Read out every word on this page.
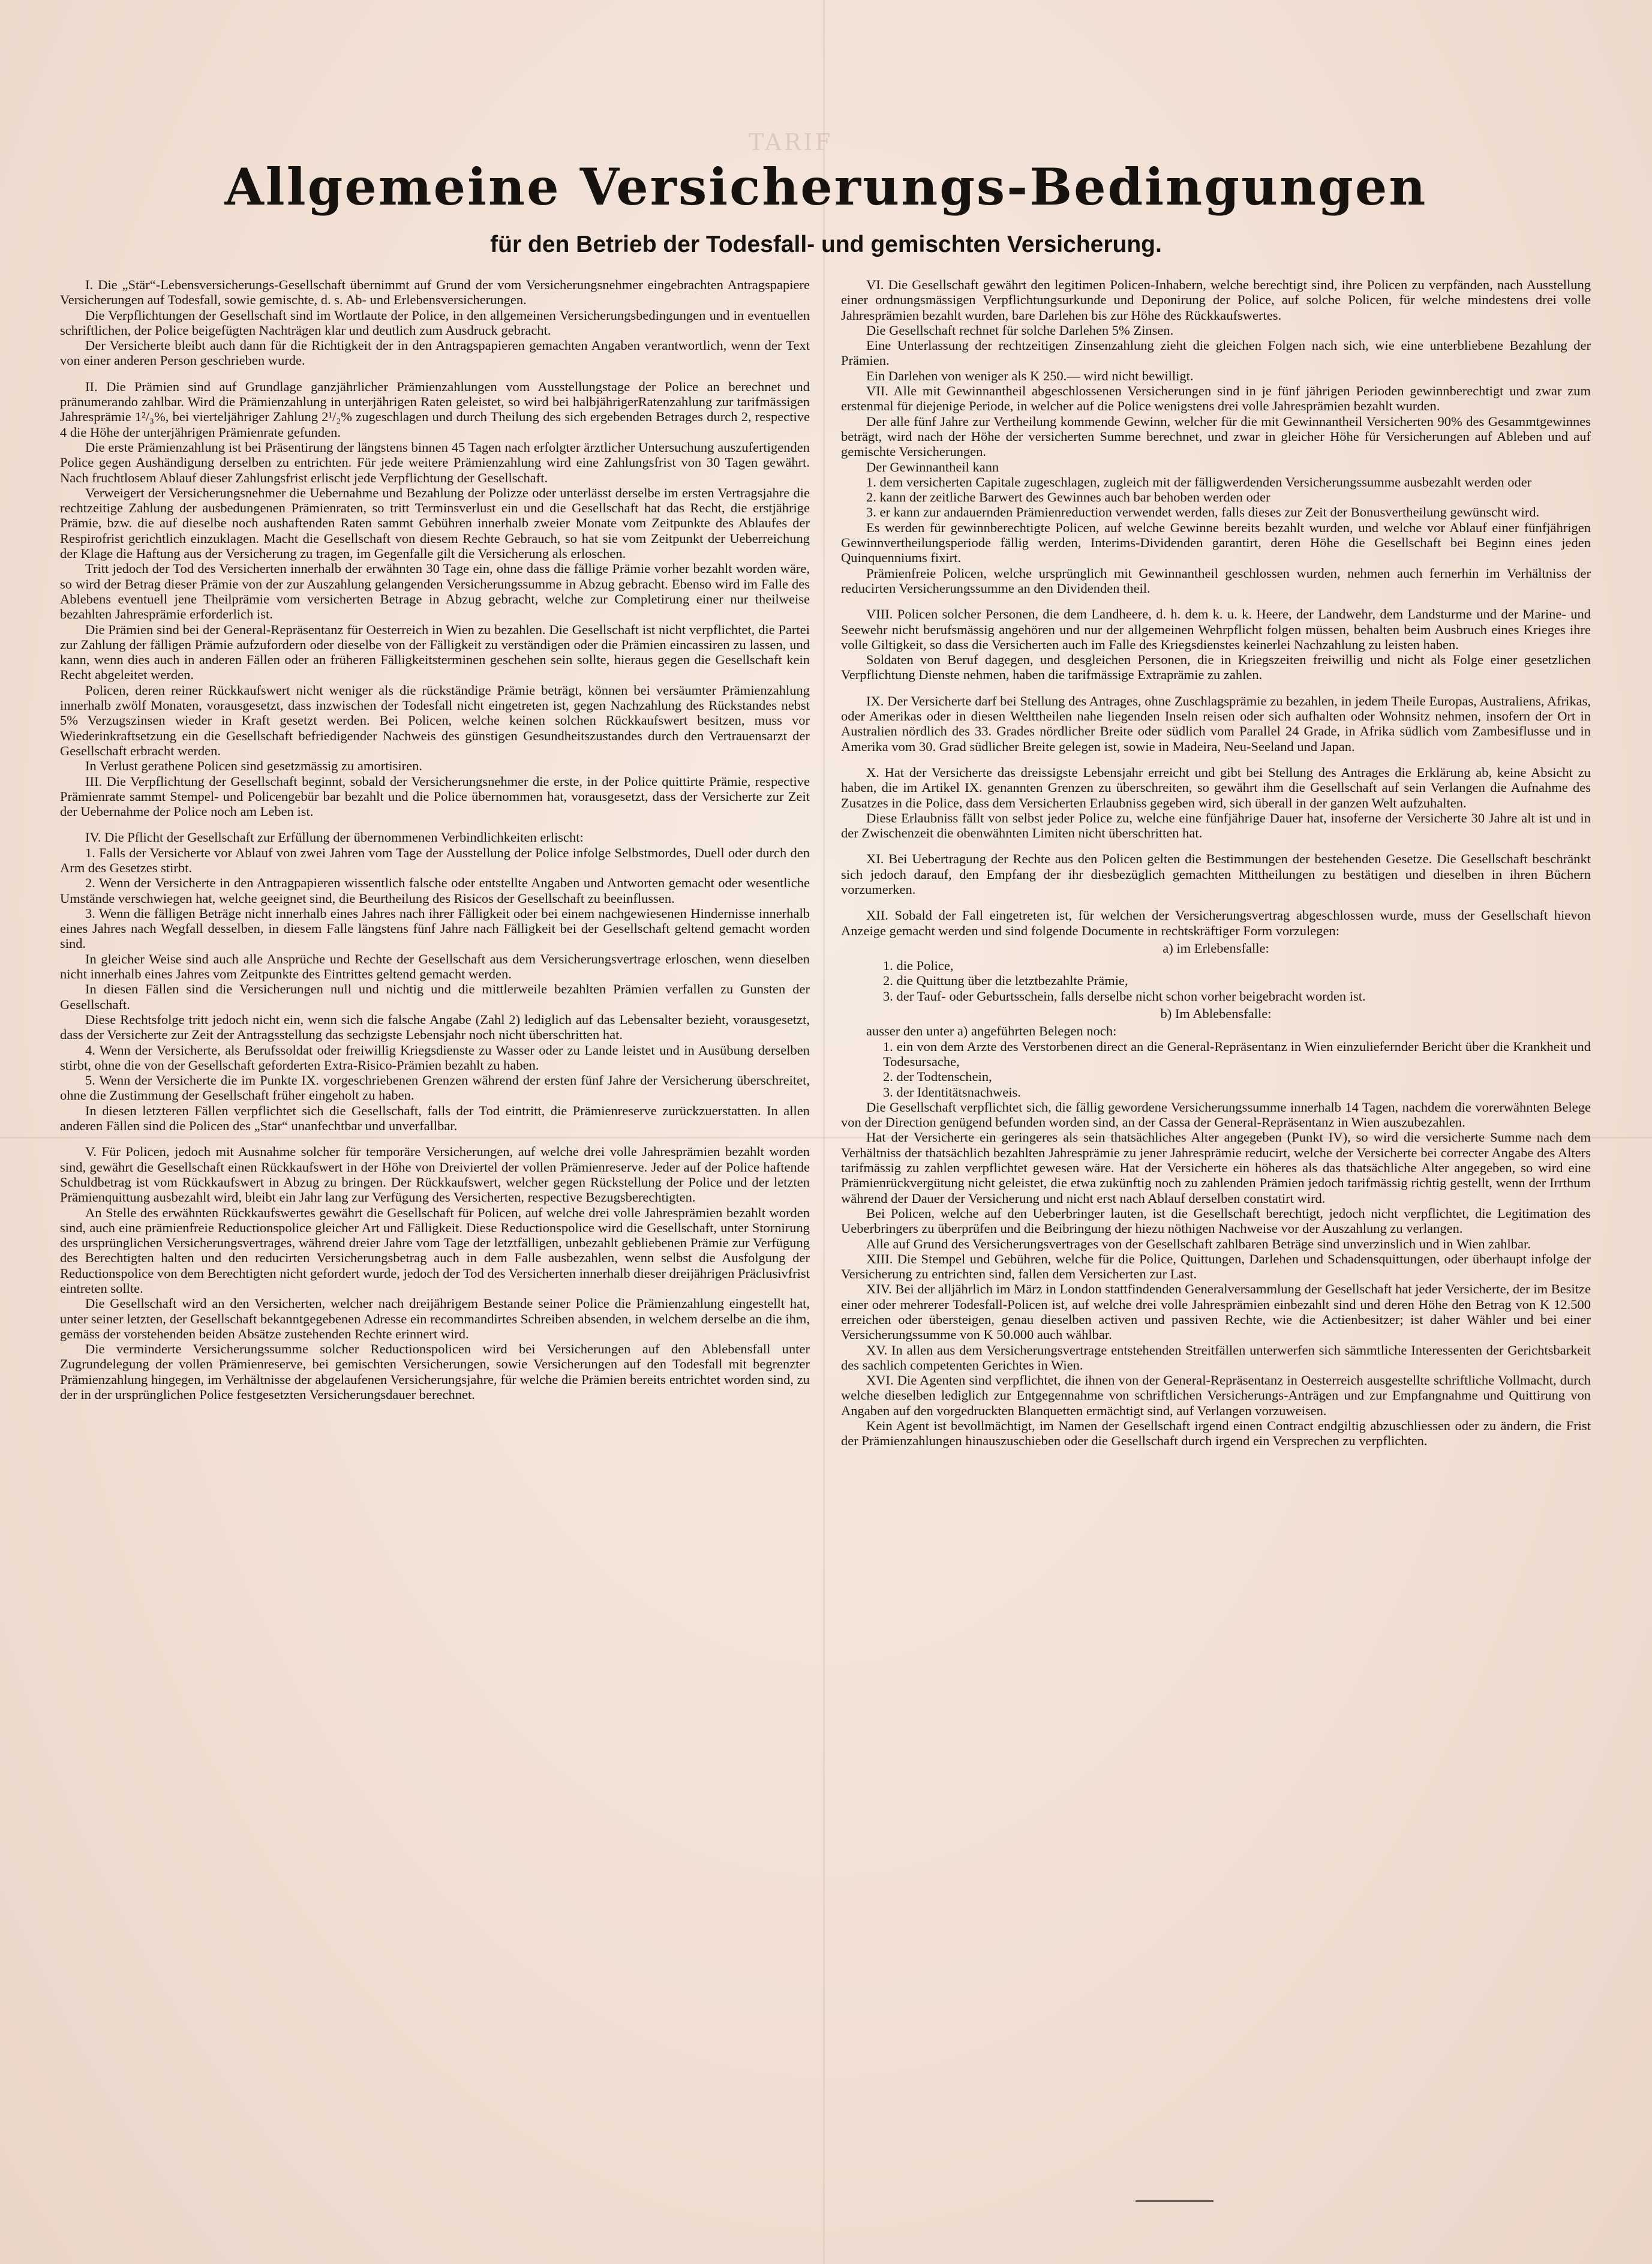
TARIF
Allgemeine Versicherungs-Bedingungen
für den Betrieb der Todesfall- und gemischten Versicherung.

I. Die „Stär“-Lebensversicherungs-Gesellschaft übernimmt auf Grund der vom Versicherungsnehmer eingebrachten Antragspapiere Versicherungen auf Todesfall, sowie gemischte, d. s. Ab- und Erlebensversicherungen.

Die Verpflichtungen der Gesellschaft sind im Wortlaute der Police, in den allgemeinen Versicherungsbedingungen und in eventuellen schriftlichen, der Police beigefügten Nachträgen klar und deutlich zum Ausdruck gebracht.

Der Versicherte bleibt auch dann für die Richtigkeit der in den Antragspapieren gemachten Angaben verantwortlich, wenn der Text von einer anderen Person geschrieben wurde.

II. Die Prämien sind auf Grundlage ganzjährlicher Prämienzahlungen vom Ausstellungstage der Police an berechnet und pränumerando zahlbar. Wird die Prämienzahlung in unterjährigen Raten geleistet, so wird bei halbjährigerRatenzahlung zur tarifmässigen Jahresprämie 1²/₃%, bei vierteljähriger Zahlung 2¹/₂% zugeschlagen und durch Theilung des sich ergebenden Betrages durch 2, respective 4 die Höhe der unterjährigen Prämienrate gefunden.

Die erste Prämienzahlung ist bei Präsentirung der längstens binnen 45 Tagen nach erfolgter ärztlicher Untersuchung auszufertigenden Police gegen Aushändigung derselben zu entrichten. Für jede weitere Prämienzahlung wird eine Zahlungsfrist von 30 Tagen gewährt. Nach fruchtlosem Ablauf dieser Zahlungsfrist erlischt jede Verpflichtung der Gesellschaft.

Verweigert der Versicherungsnehmer die Uebernahme und Bezahlung der Polizze oder unterlässt derselbe im ersten Vertragsjahre die rechtzeitige Zahlung der ausbedungenen Prämienraten, so tritt Terminsverlust ein und die Gesellschaft hat das Recht, die erstjährige Prämie, bzw. die auf dieselbe noch aushaftenden Raten sammt Gebühren innerhalb zweier Monate vom Zeitpunkte des Ablaufes der Respirofrist gerichtlich einzuklagen. Macht die Gesellschaft von diesem Rechte Gebrauch, so hat sie vom Zeitpunkt der Ueberreichung der Klage die Haftung aus der Versicherung zu tragen, im Gegenfalle gilt die Versicherung als erloschen.

Tritt jedoch der Tod des Versicherten innerhalb der erwähnten 30 Tage ein, ohne dass die fällige Prämie vorher bezahlt worden wäre, so wird der Betrag dieser Prämie von der zur Auszahlung gelangenden Versicherungssumme in Abzug gebracht. Ebenso wird im Falle des Ablebens eventuell jene Theilprämie vom versicherten Betrage in Abzug gebracht, welche zur Completirung einer nur theilweise bezahlten Jahresprämie erforderlich ist.

Die Prämien sind bei der General-Repräsentanz für Oesterreich in Wien zu bezahlen. Die Gesellschaft ist nicht verpflichtet, die Partei zur Zahlung der fälligen Prämie aufzufordern oder dieselbe von der Fälligkeit zu verständigen oder die Prämien eincassiren zu lassen, und kann, wenn dies auch in anderen Fällen oder an früheren Fälligkeitsterminen geschehen sein sollte, hieraus gegen die Gesellschaft kein Recht abgeleitet werden.

Policen, deren reiner Rückkaufswert nicht weniger als die rückständige Prämie beträgt, können bei versäumter Prämienzahlung innerhalb zwölf Monaten, vorausgesetzt, dass inzwischen der Todesfall nicht eingetreten ist, gegen Nachzahlung des Rückstandes nebst 5% Verzugszinsen wieder in Kraft gesetzt werden. Bei Policen, welche keinen solchen Rückkaufswert besitzen, muss vor Wiederinkraftsetzung ein die Gesellschaft befriedigender Nachweis des günstigen Gesundheitszustandes durch den Vertrauensarzt der Gesellschaft erbracht werden.

In Verlust gerathene Policen sind gesetzmässig zu amortisiren.

III. Die Verpflichtung der Gesellschaft beginnt, sobald der Versicherungsnehmer die erste, in der Police quittirte Prämie, respective Prämienrate sammt Stempel- und Policengebür bar bezahlt und die Police übernommen hat, vorausgesetzt, dass der Versicherte zur Zeit der Uebernahme der Police noch am Leben ist.

IV. Die Pflicht der Gesellschaft zur Erfüllung der übernommenen Verbindlichkeiten erlischt:

1. Falls der Versicherte vor Ablauf von zwei Jahren vom Tage der Ausstellung der Police infolge Selbstmordes, Duell oder durch den Arm des Gesetzes stirbt.

2. Wenn der Versicherte in den Antragpapieren wissentlich falsche oder entstellte Angaben und Antworten gemacht oder wesentliche Umstände verschwiegen hat, welche geeignet sind, die Beurtheilung des Risicos der Gesellschaft zu beeinflussen.

3. Wenn die fälligen Beträge nicht innerhalb eines Jahres nach ihrer Fälligkeit oder bei einem nachgewiesenen Hindernisse innerhalb eines Jahres nach Wegfall desselben, in diesem Falle längstens fünf Jahre nach Fälligkeit bei der Gesellschaft geltend gemacht worden sind.

In gleicher Weise sind auch alle Ansprüche und Rechte der Gesellschaft aus dem Versicherungsvertrage erloschen, wenn dieselben nicht innerhalb eines Jahres vom Zeitpunkte des Eintrittes geltend gemacht werden.

In diesen Fällen sind die Versicherungen null und nichtig und die mittlerweile bezahlten Prämien verfallen zu Gunsten der Gesellschaft.

Diese Rechtsfolge tritt jedoch nicht ein, wenn sich die falsche Angabe (Zahl 2) lediglich auf das Lebensalter bezieht, vorausgesetzt, dass der Versicherte zur Zeit der Antragsstellung das sechzigste Lebensjahr noch nicht überschritten hat.

4. Wenn der Versicherte, als Berufssoldat oder freiwillig Kriegsdienste zu Wasser oder zu Lande leistet und in Ausübung derselben stirbt, ohne die von der Gesellschaft geforderten Extra-Risico-Prämien bezahlt zu haben.

5. Wenn der Versicherte die im Punkte IX. vorgeschriebenen Grenzen während der ersten fünf Jahre der Versicherung überschreitet, ohne die Zustimmung der Gesellschaft früher eingeholt zu haben.

In diesen letzteren Fällen verpflichtet sich die Gesellschaft, falls der Tod eintritt, die Prämienreserve zurückzuerstatten. In allen anderen Fällen sind die Policen des „Star“ unanfechtbar und unverfallbar.

V. Für Policen, jedoch mit Ausnahme solcher für temporäre Versicherungen, auf welche drei volle Jahresprämien bezahlt worden sind, gewährt die Gesellschaft einen Rückkaufswert in der Höhe von Dreiviertel der vollen Prämienreserve. Jeder auf der Police haftende Schuldbetrag ist vom Rückkaufswert in Abzug zu bringen. Der Rückkaufswert, welcher gegen Rückstellung der Police und der letzten Prämienquittung ausbezahlt wird, bleibt ein Jahr lang zur Verfügung des Versicherten, respective Bezugsberechtigten.

An Stelle des erwähnten Rückkaufswertes gewährt die Gesellschaft für Policen, auf welche drei volle Jahresprämien bezahlt worden sind, auch eine prämienfreie Reductionspolice gleicher Art und Fälligkeit. Diese Reductionspolice wird die Gesellschaft, unter Stornirung des ursprünglichen Versicherungsvertrages, während dreier Jahre vom Tage der letztfälligen, unbezahlt gebliebenen Prämie zur Verfügung des Berechtigten halten und den reducirten Versicherungsbetrag auch in dem Falle ausbezahlen, wenn selbst die Ausfolgung der Reductionspolice von dem Berechtigten nicht gefordert wurde, jedoch der Tod des Versicherten innerhalb dieser dreijährigen Präclusivfrist eintreten sollte.

Die Gesellschaft wird an den Versicherten, welcher nach dreijährigem Bestande seiner Police die Prämienzahlung eingestellt hat, unter seiner letzten, der Gesellschaft bekanntgegebenen Adresse ein recommandirtes Schreiben absenden, in welchem derselbe an die ihm, gemäss der vorstehenden beiden Absätze zustehenden Rechte erinnert wird.

Die verminderte Versicherungssumme solcher Reductionspolicen wird bei Versicherungen auf den Ablebensfall unter Zugrundelegung der vollen Prämienreserve, bei gemischten Versicherungen, sowie Versicherungen auf den Todesfall mit begrenzter Prämienzahlung hingegen, im Verhältnisse der abgelaufenen Versicherungsjahre, für welche die Prämien bereits entrichtet worden sind, zu der in der ursprünglichen Police festgesetzten Versicherungsdauer berechnet.

VI. Die Gesellschaft gewährt den legitimen Policen-Inhabern, welche berechtigt sind, ihre Policen zu verpfänden, nach Ausstellung einer ordnungsmässigen Verpflichtungsurkunde und Deponirung der Police, auf solche Policen, für welche mindestens drei volle Jahresprämien bezahlt wurden, bare Darlehen bis zur Höhe des Rückkaufswertes.

Die Gesellschaft rechnet für solche Darlehen 5% Zinsen.

Eine Unterlassung der rechtzeitigen Zinsenzahlung zieht die gleichen Folgen nach sich, wie eine unterbliebene Bezahlung der Prämien.

Ein Darlehen von weniger als K 250.— wird nicht bewilligt.

VII. Alle mit Gewinnantheil abgeschlossenen Versicherungen sind in je fünf jährigen Perioden gewinnberechtigt und zwar zum erstenmal für diejenige Periode, in welcher auf die Police wenigstens drei volle Jahresprämien bezahlt wurden.

Der alle fünf Jahre zur Vertheilung kommende Gewinn, welcher für die mit Gewinnantheil Versicherten 90% des Gesammtgewinnes beträgt, wird nach der Höhe der versicherten Summe berechnet, und zwar in gleicher Höhe für Versicherungen auf Ableben und auf gemischte Versicherungen.

Der Gewinnantheil kann

1. dem versicherten Capitale zugeschlagen, zugleich mit der fälligwerdenden Versicherungssumme ausbezahlt werden oder

2. kann der zeitliche Barwert des Gewinnes auch bar behoben werden oder

3. er kann zur andauernden Prämienreduction verwendet werden, falls dieses zur Zeit der Bonusvertheilung gewünscht wird.

Es werden für gewinnberechtigte Policen, auf welche Gewinne bereits bezahlt wurden, und welche vor Ablauf einer fünfjährigen Gewinnvertheilungsperiode fällig werden, Interims-Dividenden garantirt, deren Höhe die Gesellschaft bei Beginn eines jeden Quinquenniums fixirt.

Prämienfreie Policen, welche ursprünglich mit Gewinnantheil geschlossen wurden, nehmen auch fernerhin im Verhältniss der reducirten Versicherungssumme an den Dividenden theil.

VIII. Policen solcher Personen, die dem Landheere, d. h. dem k. u. k. Heere, der Landwehr, dem Landsturme und der Marine- und Seewehr nicht berufsmässig angehören und nur der allgemeinen Wehrpflicht folgen müssen, behalten beim Ausbruch eines Krieges ihre volle Giltigkeit, so dass die Versicherten auch im Falle des Kriegsdienstes keinerlei Nachzahlung zu leisten haben.

Soldaten von Beruf dagegen, und desgleichen Personen, die in Kriegszeiten freiwillig und nicht als Folge einer gesetzlichen Verpflichtung Dienste nehmen, haben die tarifmässige Extraprämie zu zahlen.

IX. Der Versicherte darf bei Stellung des Antrages, ohne Zuschlagsprämie zu bezahlen, in jedem Theile Europas, Australiens, Afrikas, oder Amerikas oder in diesen Welttheilen nahe liegenden Inseln reisen oder sich aufhalten oder Wohnsitz nehmen, insofern der Ort in Australien nördlich des 33. Grades nördlicher Breite oder südlich vom Parallel 24 Grade, in Afrika südlich vom Zambesiflusse und in Amerika vom 30. Grad südlicher Breite gelegen ist, sowie in Madeira, Neu-Seeland und Japan.

X. Hat der Versicherte das dreissigste Lebensjahr erreicht und gibt bei Stellung des Antrages die Erklärung ab, keine Absicht zu haben, die im Artikel IX. genannten Grenzen zu überschreiten, so gewährt ihm die Gesellschaft auf sein Verlangen die Aufnahme des Zusatzes in die Police, dass dem Versicherten Erlaubniss gegeben wird, sich überall in der ganzen Welt aufzuhalten.

Diese Erlaubniss fällt von selbst jeder Police zu, welche eine fünfjährige Dauer hat, insoferne der Versicherte 30 Jahre alt ist und in der Zwischenzeit die obenwähnten Limiten nicht überschritten hat.

XI. Bei Uebertragung der Rechte aus den Policen gelten die Bestimmungen der bestehenden Gesetze. Die Gesellschaft beschränkt sich jedoch darauf, den Empfang der ihr diesbezüglich gemachten Mittheilungen zu bestätigen und dieselben in ihren Büchern vorzumerken.

XII. Sobald der Fall eingetreten ist, für welchen der Versicherungsvertrag abgeschlossen wurde, muss der Gesellschaft hievon Anzeige gemacht werden und sind folgende Documente in rechtskräftiger Form vorzulegen:

a) im Erlebensfalle:

1. die Police,

2. die Quittung über die letztbezahlte Prämie,

3. der Tauf- oder Geburtsschein, falls derselbe nicht schon vorher beigebracht worden ist.

b) Im Ablebensfalle:

ausser den unter a) angeführten Belegen noch:

1. ein von dem Arzte des Verstorbenen direct an die General-Repräsentanz in Wien einzuliefernder Bericht über die Krankheit und Todesursache,

2. der Todtenschein,

3. der Identitätsnachweis.

Die Gesellschaft verpflichtet sich, die fällig gewordene Versicherungssumme innerhalb 14 Tagen, nachdem die vorerwähnten Belege von der Direction genügend befunden worden sind, an der Cassa der General-Repräsentanz in Wien auszubezahlen.

Hat der Versicherte ein geringeres als sein thatsächliches Alter angegeben (Punkt IV), so wird die versicherte Summe nach dem Verhältniss der thatsächlich bezahlten Jahresprämie zu jener Jahresprämie reducirt, welche der Versicherte bei correcter Angabe des Alters tarifmässig zu zahlen verpflichtet gewesen wäre. Hat der Versicherte ein höheres als das thatsächliche Alter angegeben, so wird eine Prämienrückvergütung nicht geleistet, die etwa zukünftig noch zu zahlenden Prämien jedoch tarifmässig richtig gestellt, wenn der Irrthum während der Dauer der Versicherung und nicht erst nach Ablauf derselben constatirt wird.

Bei Policen, welche auf den Ueberbringer lauten, ist die Gesellschaft berechtigt, jedoch nicht verpflichtet, die Legitimation des Ueberbringers zu überprüfen und die Beibringung der hiezu nöthigen Nachweise vor der Auszahlung zu verlangen.

Alle auf Grund des Versicherungsvertrages von der Gesellschaft zahlbaren Beträge sind unverzinslich und in Wien zahlbar.

XIII. Die Stempel und Gebühren, welche für die Police, Quittungen, Darlehen und Schadensquittungen, oder überhaupt infolge der Versicherung zu entrichten sind, fallen dem Versicherten zur Last.

XIV. Bei der alljährlich im März in London stattfindenden Generalversammlung der Gesellschaft hat jeder Versicherte, der im Besitze einer oder mehrerer Todesfall-Policen ist, auf welche drei volle Jahresprämien einbezahlt sind und deren Höhe den Betrag von K 12.500 erreichen oder übersteigen, genau dieselben activen und passiven Rechte, wie die Actienbesitzer; ist daher Wähler und bei einer Versicherungssumme von K 50.000 auch wählbar.

XV. In allen aus dem Versicherungsvertrage entstehenden Streitfällen unterwerfen sich sämmtliche Interessenten der Gerichtsbarkeit des sachlich competenten Gerichtes in Wien.

XVI. Die Agenten sind verpflichtet, die ihnen von der General-Repräsentanz in Oesterreich ausgestellte schriftliche Vollmacht, durch welche dieselben lediglich zur Entgegennahme von schriftlichen Versicherungs-Anträgen und zur Empfangnahme und Quittirung von Angaben auf den vorgedruckten Blanquetten ermächtigt sind, auf Verlangen vorzuweisen.

Kein Agent ist bevollmächtigt, im Namen der Gesellschaft irgend einen Contract endgiltig abzuschliessen oder zu ändern, die Frist der Prämienzahlungen hinauszuschieben oder die Gesellschaft durch irgend ein Versprechen zu verpflichten.
